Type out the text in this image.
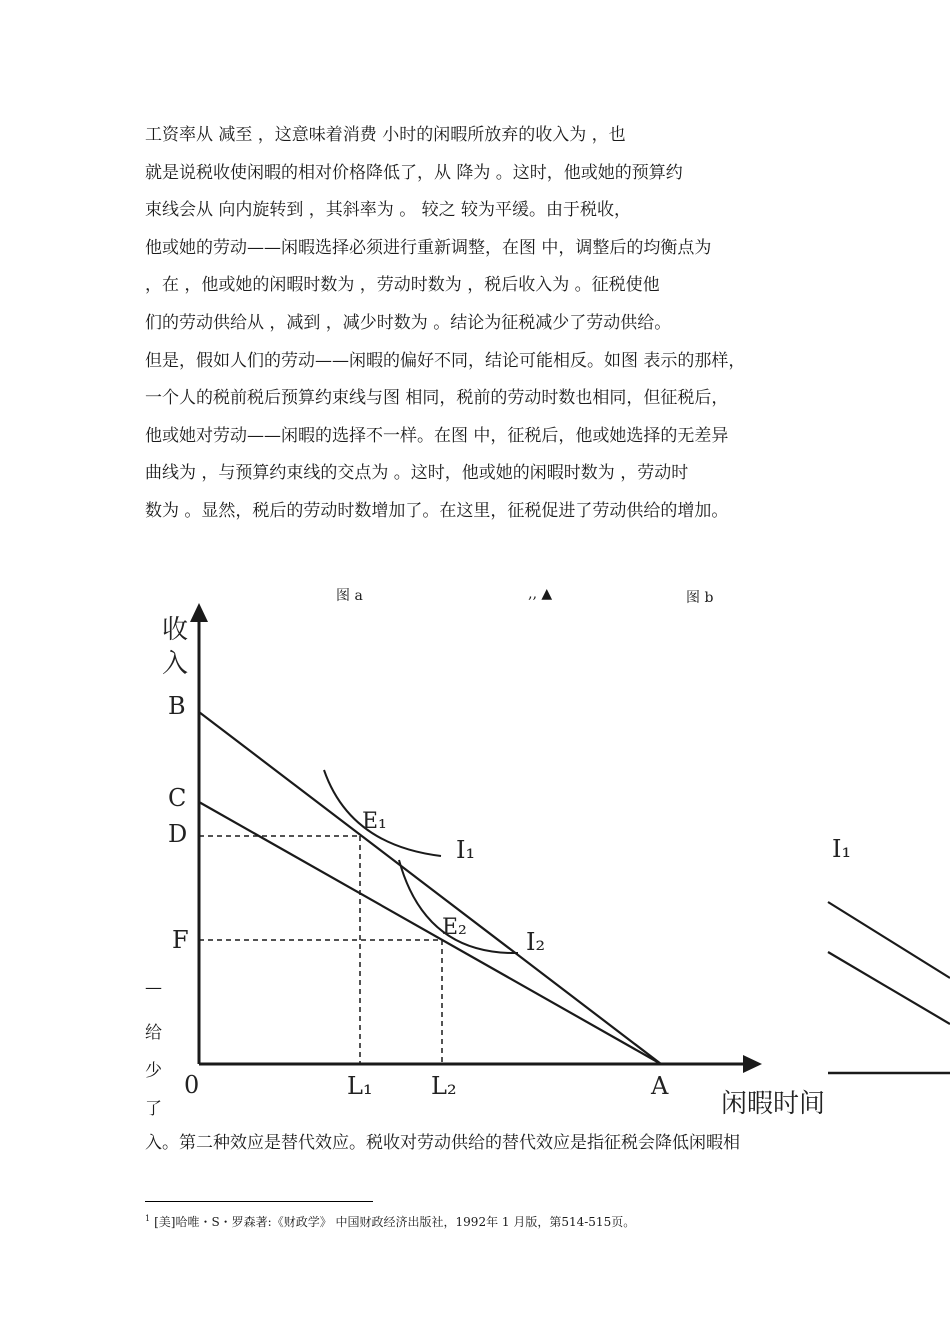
工资率从 减至 ，这意味着消费 小时的闲暇所放弃的收入为 ，也
就是说税收使闲暇的相对价格降低了，从 降为 。这时，他或她的预算约
束线会从 向内旋转到 ，其斜率为 。 较之 较为平缓。由于税收，
他或她的劳动——闲暇选择必须进行重新调整，在图 中，调整后的均衡点为
，在 ，他或她的闲暇时数为 ，劳动时数为 ，税后收入为 。征税使他
们的劳动供给从 ，减到 ，减少时数为 。结论为征税减少了劳动供给。
但是，假如人们的劳动——闲暇的偏好不同，结论可能相反。如图 表示的那样，
一个人的税前税后预算约束线与图 相同，税前的劳动时数也相同，但征税后，
他或她对劳动——闲暇的选择不一样。在图 中，征税后，他或她选择的无差异
曲线为 ，与预算约束线的交点为 。这时，他或她的闲暇时数为 ，劳动时
数为 。显然，税后的劳动时数增加了。在这里，征税促进了劳动供给的增加。
图 a	‚‚ ▲	图 b
收
入
B
C
D
F
0	L₁ L₂	A
闲暇时间
E₁
E₂
I₁
I₂
I₁
—
给
少
了
入。第二种效应是替代效应。税收对劳动供给的替代效应是指征税会降低闲暇相
$^1$ [美]哈唯・S・罗森著:《财政学》 中国财政经济出版社，1992年 1 月版，第514-515页。
